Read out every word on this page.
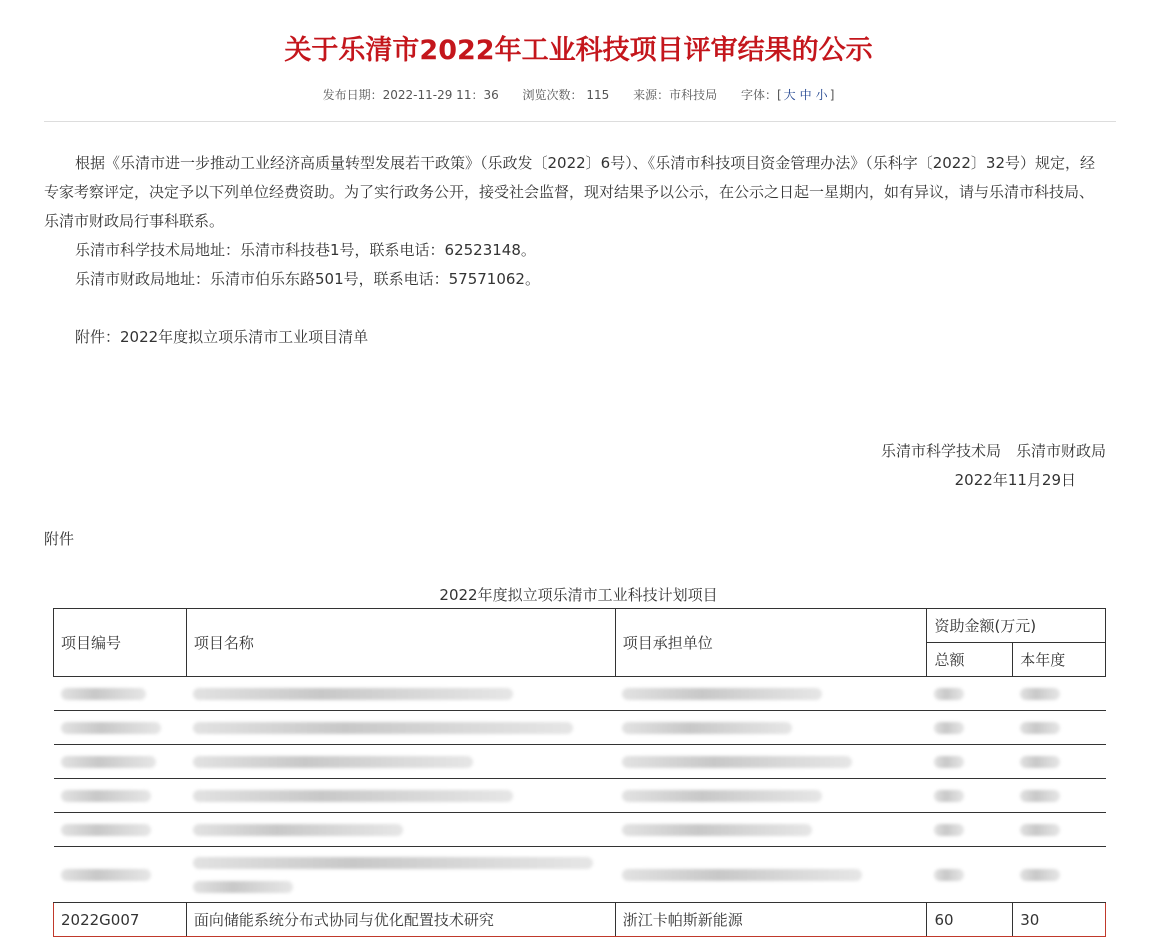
关于乐清市2022年工业科技项目评审结果的公示
发布日期：2022-11-29 11：36 浏览次数： 115 来源：市科技局 字体：[ 大 中 小 ]

根据《乐清市进一步推动工业经济高质量转型发展若干政策》（乐政发〔2022〕6号）、《乐清市科技项目资金管理办法》（乐科字〔2022〕32号）规定，经专家考察评定，决定予以下列单位经费资助。为了实行政务公开，接受社会监督，现对结果予以公示，在公示之日起一星期内，如有异议，请与乐清市科技局、乐清市财政局行事科联系。

乐清市科学技术局地址：乐清市科技巷1号，联系电话：62523148。

乐清市财政局地址：乐清市伯乐东路501号，联系电话：57571062。

附件：2022年度拟立项乐清市工业项目清单

乐清市科学技术局　乐清市财政局
2022年11月29日
附件
2022年度拟立项乐清市工业科技计划项目
项目编号	项目名称	项目承担单位	资助金额(万元)	
			总额	本年度

2022G007	面向储能系统分布式协同与优化配置技术研究	浙江卡帕斯新能源	60	30
